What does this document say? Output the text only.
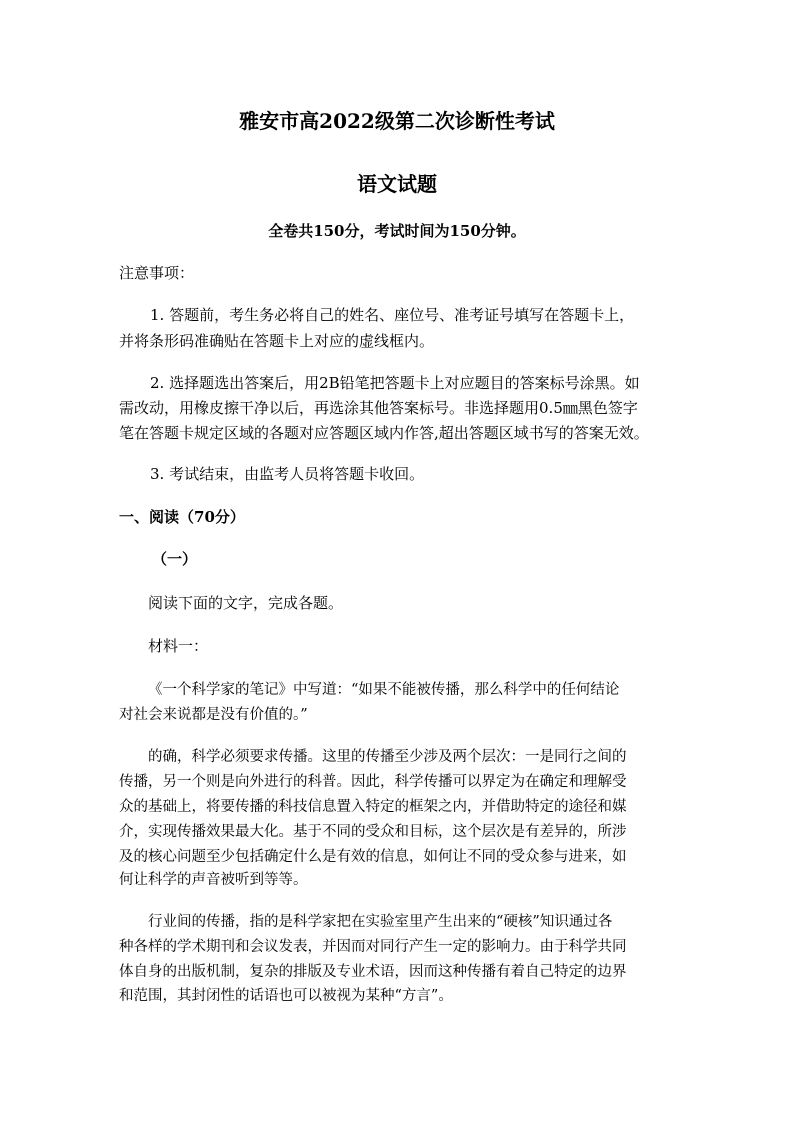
雅安市高2022级第二次诊断性考试
语文试题

全卷共150分，考试时间为150分钟。

注意事项：

1. 答题前，考生务必将自己的姓名、座位号、准考证号填写在答题卡上，

并将条形码准确贴在答题卡上对应的虚线框内。

2. 选择题选出答案后，用2B铅笔把答题卡上对应题目的答案标号涂黑。如

需改动，用橡皮擦干净以后，再选涂其他答案标号。非选择题用0.5㎜黑色签字

笔在答题卡规定区域的各题对应答题区域内作答,超出答题区域书写的答案无效。

3. 考试结束，由监考人员将答题卡收回。

一、阅读（70分）

（一）

阅读下面的文字，完成各题。

材料一：

《一个科学家的笔记》中写道：“如果不能被传播，那么科学中的任何结论

对社会来说都是没有价值的。”

的确，科学必须要求传播。这里的传播至少涉及两个层次：一是同行之间的

传播，另一个则是向外进行的科普。因此，科学传播可以界定为在确定和理解受

众的基础上，将要传播的科技信息置入特定的框架之内，并借助特定的途径和媒

介，实现传播效果最大化。基于不同的受众和目标，这个层次是有差异的，所涉

及的核心问题至少包括确定什么是有效的信息，如何让不同的受众参与进来，如

何让科学的声音被听到等等。

行业间的传播，指的是科学家把在实验室里产生出来的“硬核”知识通过各

种各样的学术期刊和会议发表，并因而对同行产生一定的影响力。由于科学共同

体自身的出版机制，复杂的排版及专业术语，因而这种传播有着自己特定的边界

和范围，其封闭性的话语也可以被视为某种“方言”。
